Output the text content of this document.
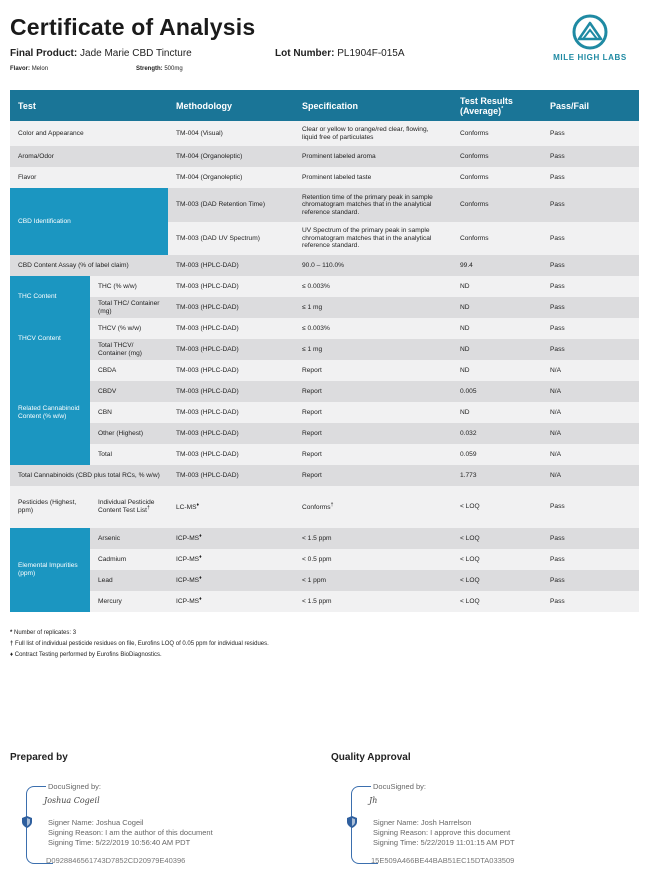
Certificate of Analysis
Final Product: Jade Marie CBD Tincture	Lot Number: PL1904F-015A
Flavor: Melon	Strength: 500mg
MILE HIGH LABS
Test		Methodology	Specification	Test Results (Average)*	Pass/Fail
Color and Appearance		TM-004 (Visual)	Clear or yellow to orange/red clear, flowing, liquid free of particulates	Conforms	Pass
Aroma/Odor		TM-004 (Organoleptic)	Prominent labeled aroma	Conforms	Pass
Flavor		TM-004 (Organoleptic)	Prominent labeled taste	Conforms	Pass
CBD Identification		TM-003 (DAD Retention Time)	Retention time of the primary peak in sample chromatogram matches that in the analytical reference standard.	Conforms	Pass
		TM-003 (DAD UV Spectrum)	UV Spectrum of the primary peak in sample chromatogram matches that in the analytical reference standard.	Conforms	Pass
CBD Content Assay (% of label claim)		TM-003 (HPLC-DAD)	90.0 – 110.0%	99.4	Pass
THC Content	THC (% w/w)	TM-003 (HPLC-DAD)	≤ 0.003%	ND	Pass
	Total THC/ Container (mg)	TM-003 (HPLC-DAD)	≤ 1 mg	ND	Pass
THCV Content	THCV (% w/w)	TM-003 (HPLC-DAD)	≤ 0.003%	ND	Pass
	Total THCV/ Container (mg)	TM-003 (HPLC-DAD)	≤ 1 mg	ND	Pass
Related Cannabinoid Content (% w/w)	CBDA	TM-003 (HPLC-DAD)	Report	ND	N/A
	CBDV	TM-003 (HPLC-DAD)	Report	0.005	N/A
	CBN	TM-003 (HPLC-DAD)	Report	ND	N/A
	Other (Highest)	TM-003 (HPLC-DAD)	Report	0.032	N/A
	Total	TM-003 (HPLC-DAD)	Report	0.059	N/A
Total Cannabinoids (CBD plus total RCs, % w/w)		TM-003 (HPLC-DAD)	Report	1.773	N/A
Pesticides (Highest, ppm)	Individual Pesticide Content Test List†	LC-MS♦	Conforms†	< LOQ	Pass
Elemental Impurities (ppm)	Arsenic	ICP-MS♦	< 1.5 ppm	< LOQ	Pass
	Cadmium	ICP-MS♦	< 0.5 ppm	< LOQ	Pass
	Lead	ICP-MS♦	< 1 ppm	< LOQ	Pass
	Mercury	ICP-MS♦	< 1.5 ppm	< LOQ	Pass
* Number of replicates: 3
† Full list of individual pesticide residues on file, Eurofins LOQ of 0.05 ppm for individual residues.
♦ Contract Testing performed by Eurofins BioDiagnostics.
Prepared by
DocuSigned by:
Joshua Cogeil
Signer Name: Joshua Cogeil
Signing Reason: I am the author of this document
Signing Time: 5/22/2019 10:56:40 AM PDT
D0928846561743D7852CD20979E40396
Quality Approval
DocuSigned by:
Jh
Signer Name: Josh Harrelson
Signing Reason: I approve this document
Signing Time: 5/22/2019 11:01:15 AM PDT
15E509A466BE44BAB51EC15DTA033509
